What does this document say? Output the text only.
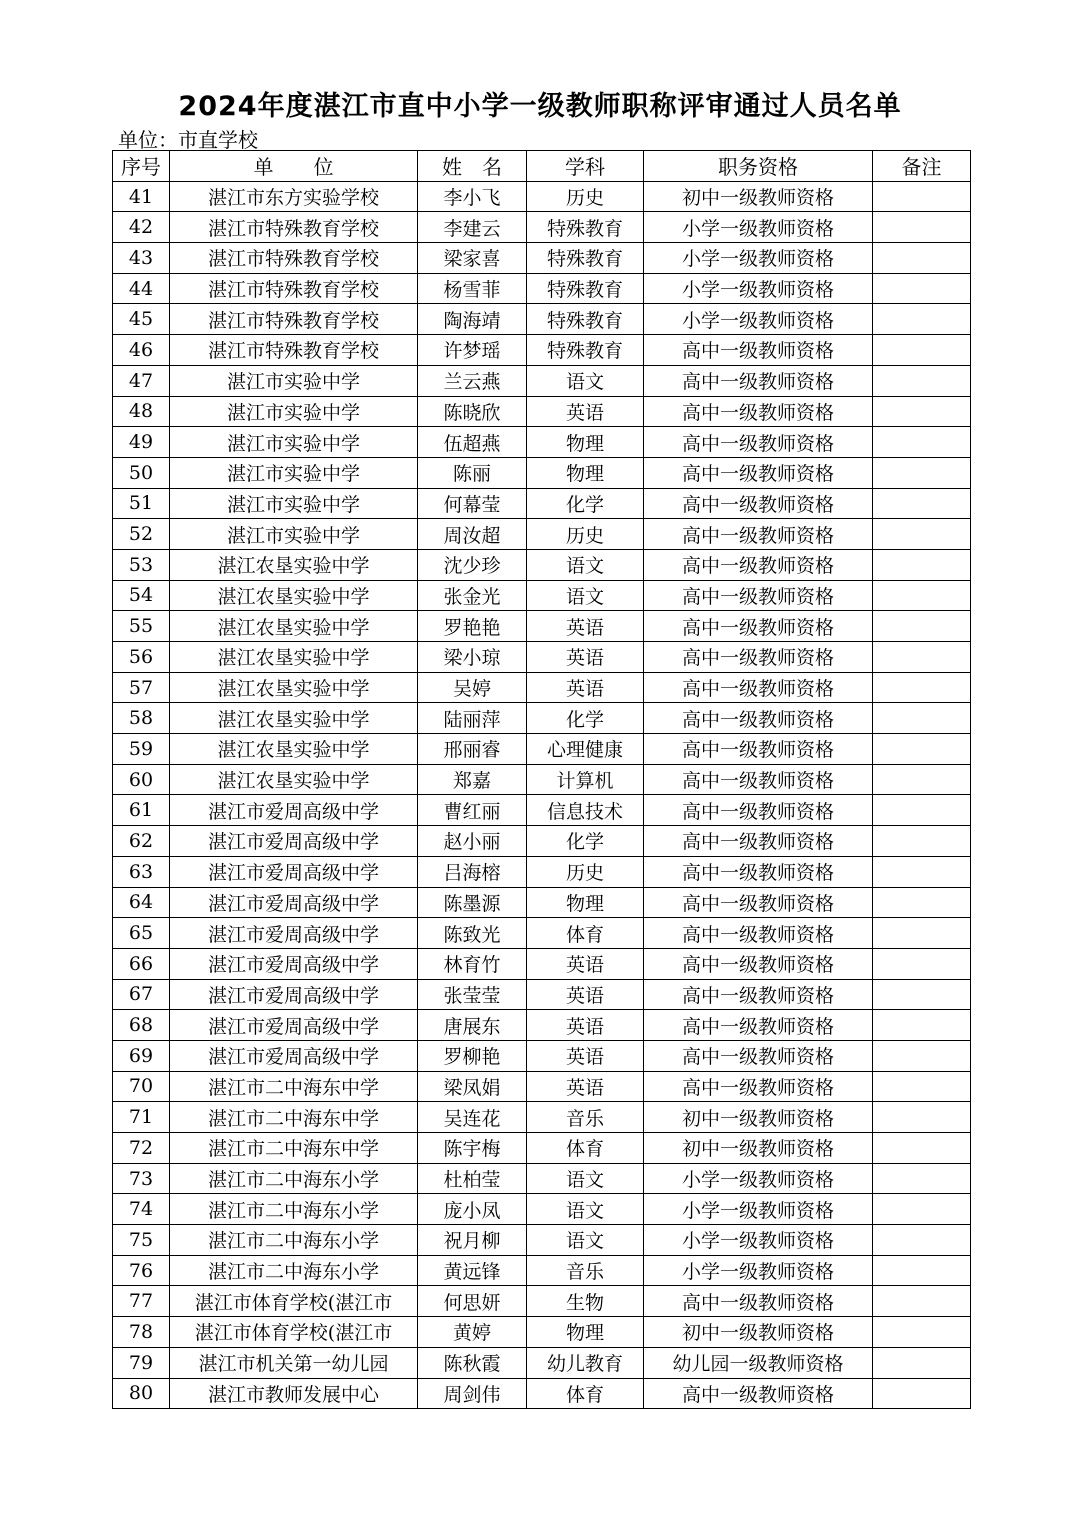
2024年度湛江市直中小学一级教师职称评审通过人员名单
单位：市直学校
序号	单　　位	姓　名	学科	职务资格	备注
41	湛江市东方实验学校	李小飞	历史	初中一级教师资格	
42	湛江市特殊教育学校	李建云	特殊教育	小学一级教师资格	
43	湛江市特殊教育学校	梁家喜	特殊教育	小学一级教师资格	
44	湛江市特殊教育学校	杨雪菲	特殊教育	小学一级教师资格	
45	湛江市特殊教育学校	陶海靖	特殊教育	小学一级教师资格	
46	湛江市特殊教育学校	许梦瑶	特殊教育	高中一级教师资格	
47	湛江市实验中学	兰云燕	语文	高中一级教师资格	
48	湛江市实验中学	陈晓欣	英语	高中一级教师资格	
49	湛江市实验中学	伍超燕	物理	高中一级教师资格	
50	湛江市实验中学	陈丽	物理	高中一级教师资格	
51	湛江市实验中学	何幕莹	化学	高中一级教师资格	
52	湛江市实验中学	周汝超	历史	高中一级教师资格	
53	湛江农垦实验中学	沈少珍	语文	高中一级教师资格	
54	湛江农垦实验中学	张金光	语文	高中一级教师资格	
55	湛江农垦实验中学	罗艳艳	英语	高中一级教师资格	
56	湛江农垦实验中学	梁小琼	英语	高中一级教师资格	
57	湛江农垦实验中学	吴婷	英语	高中一级教师资格	
58	湛江农垦实验中学	陆丽萍	化学	高中一级教师资格	
59	湛江农垦实验中学	邢丽睿	心理健康	高中一级教师资格	
60	湛江农垦实验中学	郑嘉	计算机	高中一级教师资格	
61	湛江市爱周高级中学	曹红丽	信息技术	高中一级教师资格	
62	湛江市爱周高级中学	赵小丽	化学	高中一级教师资格	
63	湛江市爱周高级中学	吕海榕	历史	高中一级教师资格	
64	湛江市爱周高级中学	陈墨源	物理	高中一级教师资格	
65	湛江市爱周高级中学	陈致光	体育	高中一级教师资格	
66	湛江市爱周高级中学	林育竹	英语	高中一级教师资格	
67	湛江市爱周高级中学	张莹莹	英语	高中一级教师资格	
68	湛江市爱周高级中学	唐展东	英语	高中一级教师资格	
69	湛江市爱周高级中学	罗柳艳	英语	高中一级教师资格	
70	湛江市二中海东中学	梁凤娟	英语	高中一级教师资格	
71	湛江市二中海东中学	吴连花	音乐	初中一级教师资格	
72	湛江市二中海东中学	陈宇梅	体育	初中一级教师资格	
73	湛江市二中海东小学	杜柏莹	语文	小学一级教师资格	
74	湛江市二中海东小学	庞小凤	语文	小学一级教师资格	
75	湛江市二中海东小学	祝月柳	语文	小学一级教师资格	
76	湛江市二中海东小学	黄远锋	音乐	小学一级教师资格	
77	湛江市体育学校(湛江市	何思妍	生物	高中一级教师资格	
78	湛江市体育学校(湛江市	黄婷	物理	初中一级教师资格	
79	湛江市机关第一幼儿园	陈秋霞	幼儿教育	幼儿园一级教师资格	
80	湛江市教师发展中心	周剑伟	体育	高中一级教师资格	
